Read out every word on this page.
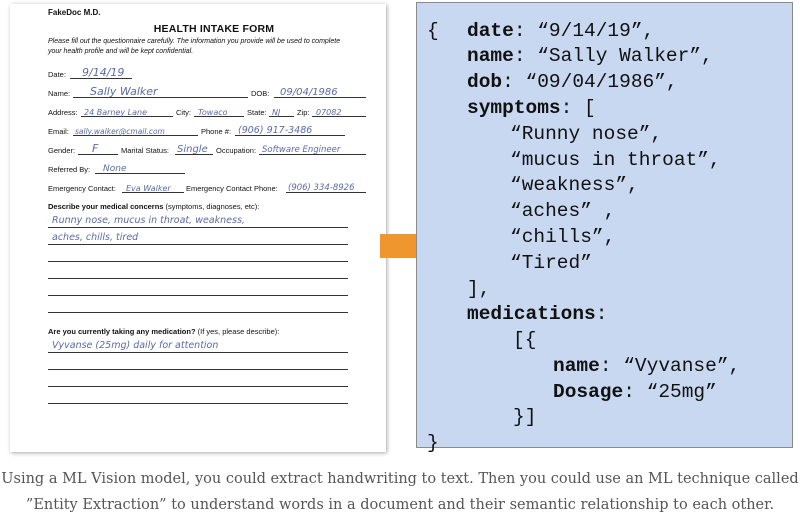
FakeDoc M.D.
HEALTH INTAKE FORM
Please fill out the questionnaire carefully. The information you provide will be used to complete your health profile and will be kept confidential.
Date: 9/14/19
Name: Sally Walker	DOB: 09/04/1986
Address: 24 Barney Lane	City: Towaco	State: NJ Zip: 07082
Email: sally.walker@cmail.com	Phone #: (906) 917-3486
Gender: F	Marital Status: Single Occupation: Software Engineer
Referred By: None
Emergency Contact: Eva Walker Emergency Contact Phone: (906) 334-8926
Describe your medical concerns (symptoms, diagnoses, etc):
Runny nose, mucus in throat, weakness,
aches, chills, tired
Are you currently taking any medication? (If yes, please describe):
Vyvanse (25mg) daily for attention
{ date: “9/14/19”,
name: “Sally Walker”,
dob: “09/04/1986”,
symptoms: [
“Runny nose”,
“mucus in throat”,
“weakness”,
“aches” ,
“chills”,
“Tired”
],
medications:
[{
name: “Vyvanse”,
Dosage: “25mg”
}]
}
Using a ML Vision model, you could extract handwriting to text. Then you could use an ML technique called
”Entity Extraction” to understand words in a document and their semantic relationship to each other.
